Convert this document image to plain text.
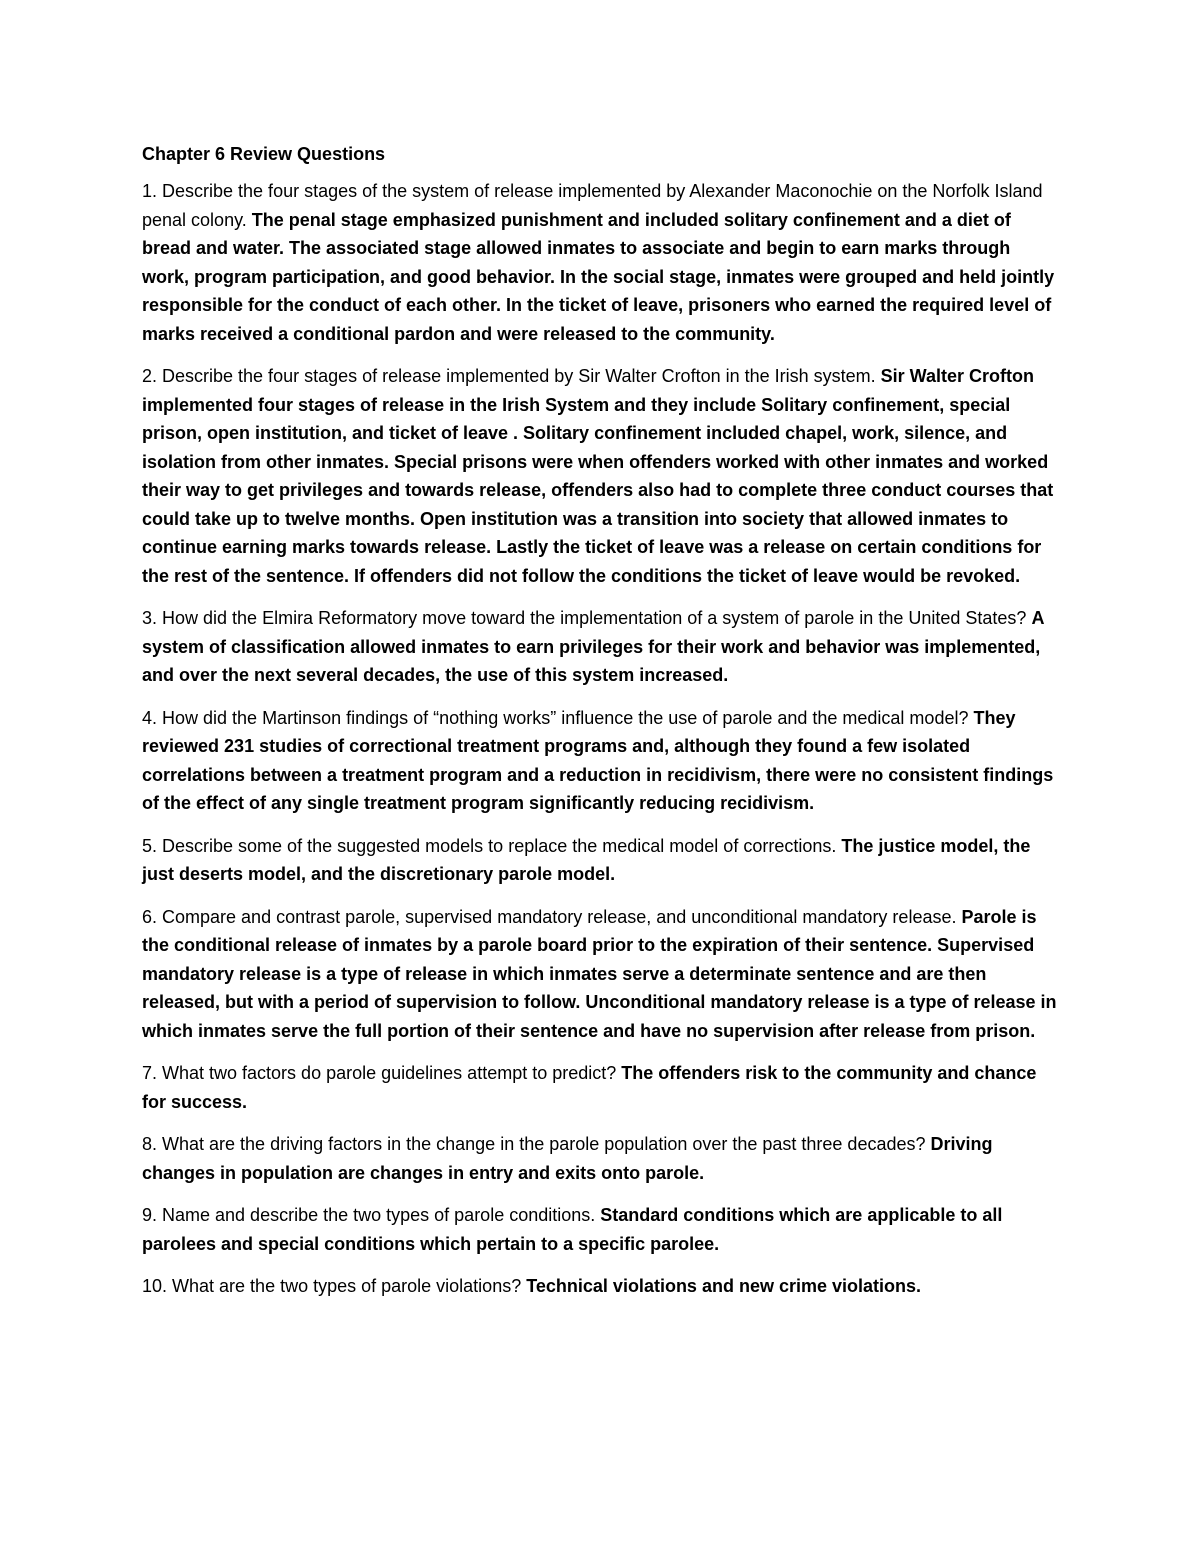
Chapter 6 Review Questions

1. Describe the four stages of the system of release implemented by Alexander Maconochie on the Norfolk Island penal colony. The penal stage emphasized punishment and included solitary confinement and a diet of bread and water. The associated stage allowed inmates to associate and begin to earn marks through work, program participation, and good behavior. In the social stage, inmates were grouped and held jointly responsible for the conduct of each other. In the ticket of leave, prisoners who earned the required level of marks received a conditional pardon and were released to the community.

2. Describe the four stages of release implemented by Sir Walter Crofton in the Irish system. Sir Walter Crofton implemented four stages of release in the Irish System and they include Solitary confinement, special prison, open institution, and ticket of leave . Solitary confinement included chapel, work, silence, and isolation from other inmates. Special prisons were when offenders worked with other inmates and worked their way to get privileges and towards release, offenders also had to complete three conduct courses that could take up to twelve months. Open institution was a transition into society that allowed inmates to continue earning marks towards release. Lastly the ticket of leave was a release on certain conditions for the rest of the sentence. If offenders did not follow the conditions the ticket of leave would be revoked.

3. How did the Elmira Reformatory move toward the implementation of a system of parole in the United States? A system of classification allowed inmates to earn privileges for their work and behavior was implemented, and over the next several decades, the use of this system increased.

4. How did the Martinson findings of “nothing works” influence the use of parole and the medical model? They reviewed 231 studies of correctional treatment programs and, although they found a few isolated correlations between a treatment program and a reduction in recidivism, there were no consistent findings of the effect of any single treatment program significantly reducing recidivism.

5. Describe some of the suggested models to replace the medical model of corrections. The justice model, the just deserts model, and the discretionary parole model.

6. Compare and contrast parole, supervised mandatory release, and unconditional mandatory release. Parole is the conditional release of inmates by a parole board prior to the expiration of their sentence. Supervised mandatory release is a type of release in which inmates serve a determinate sentence and are then released, but with a period of supervision to follow. Unconditional mandatory release is a type of release in which inmates serve the full portion of their sentence and have no supervision after release from prison.

7. What two factors do parole guidelines attempt to predict? The offenders risk to the community and chance for success.

8. What are the driving factors in the change in the parole population over the past three decades? Driving changes in population are changes in entry and exits onto parole.

9. Name and describe the two types of parole conditions. Standard conditions which are applicable to all parolees and special conditions which pertain to a specific parolee.

10. What are the two types of parole violations? Technical violations and new crime violations.
